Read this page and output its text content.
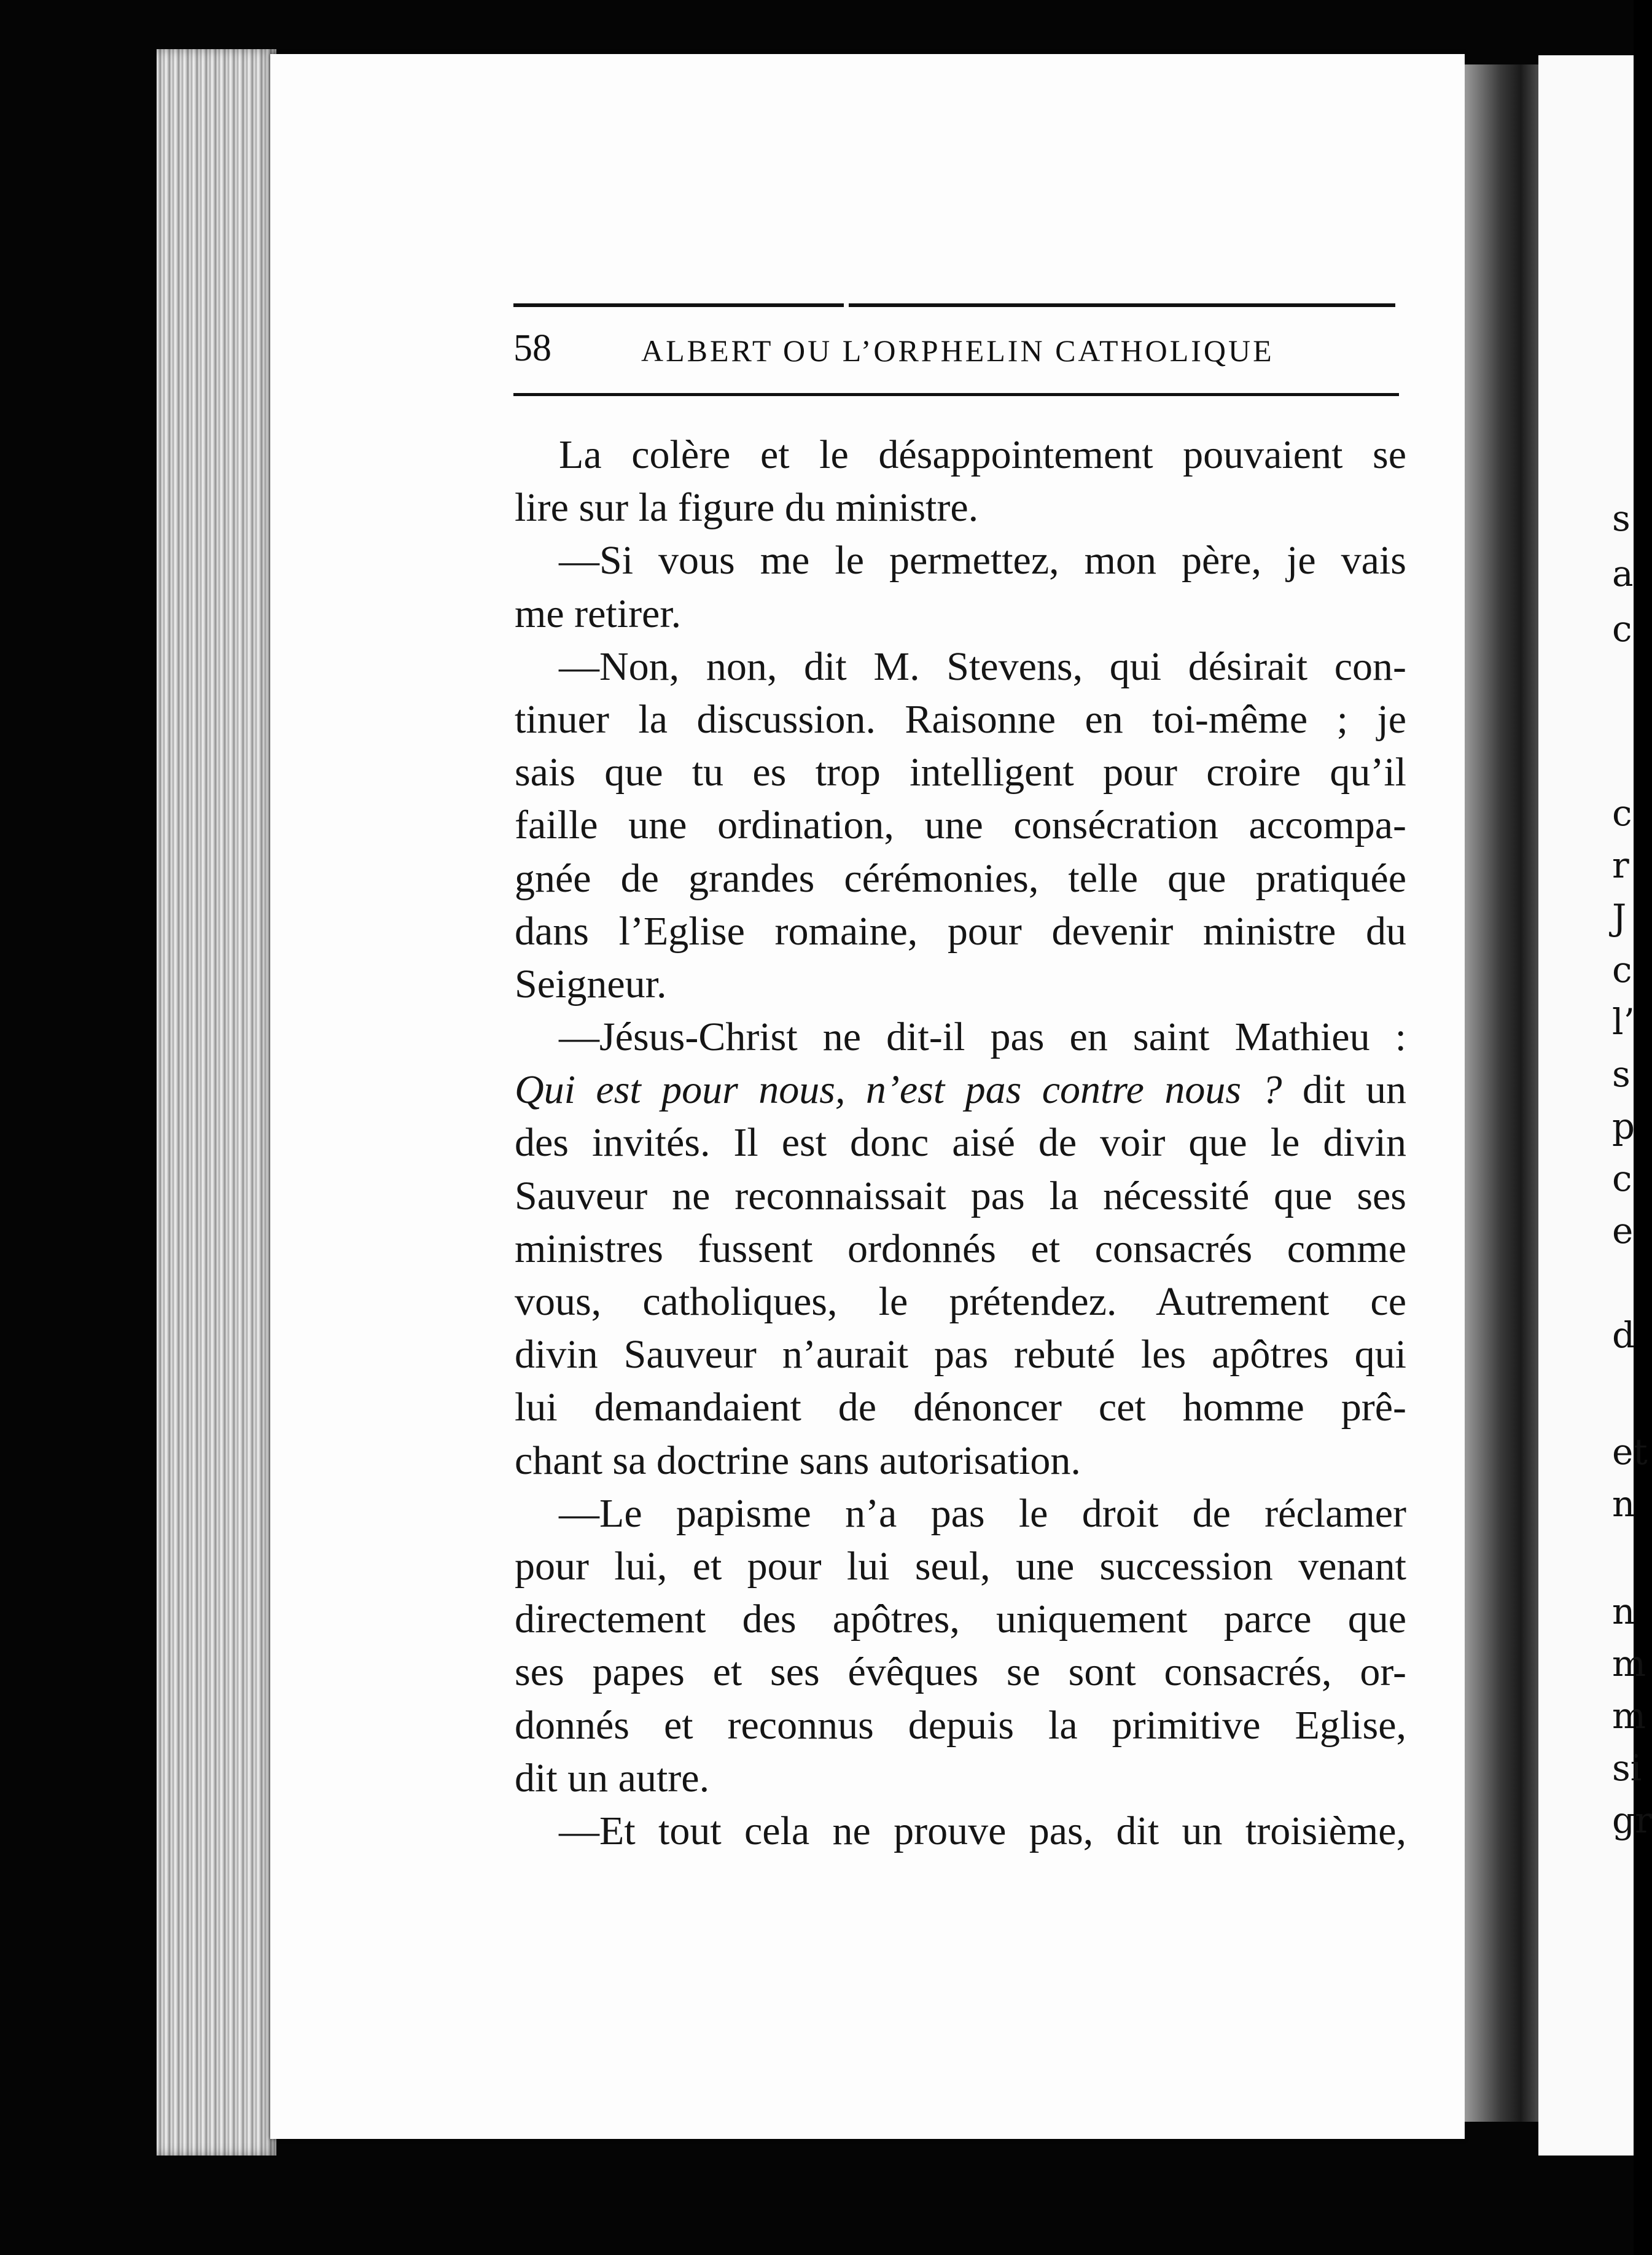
s
a
c
c
r
J
c
l’
s
p
c
e
d
et
n
n
m
m
si
gr
58	ALBERT OU L’ORPHELIN CATHOLIQUE
La colère et le désappointement pouvaient se
lire sur la figure du ministre.
—Si vous me le permettez, mon père, je vais
me retirer.
—Non, non, dit M. Stevens, qui désirait con-
tinuer la discussion. Raisonne en toi-même ; je
sais que tu es trop intelligent pour croire qu’il
faille une ordination, une consécration accompa-
gnée de grandes cérémonies, telle que pratiquée
dans l’Eglise romaine, pour devenir ministre du
Seigneur.
—Jésus-Christ ne dit-il pas en saint Mathieu :
Qui est pour nous, n’est pas contre nous ? dit un
des invités. Il est donc aisé de voir que le divin
Sauveur ne reconnaissait pas la nécessité que ses
ministres fussent ordonnés et consacrés comme
vous, catholiques, le prétendez. Autrement ce
divin Sauveur n’aurait pas rebuté les apôtres qui
lui demandaient de dénoncer cet homme prê-
chant sa doctrine sans autorisation.
—Le papisme n’a pas le droit de réclamer
pour lui, et pour lui seul, une succession venant
directement des apôtres, uniquement parce que
ses papes et ses évêques se sont consacrés, or-
donnés et reconnus depuis la primitive Eglise,
dit un autre.
—Et tout cela ne prouve pas, dit un troisième,
